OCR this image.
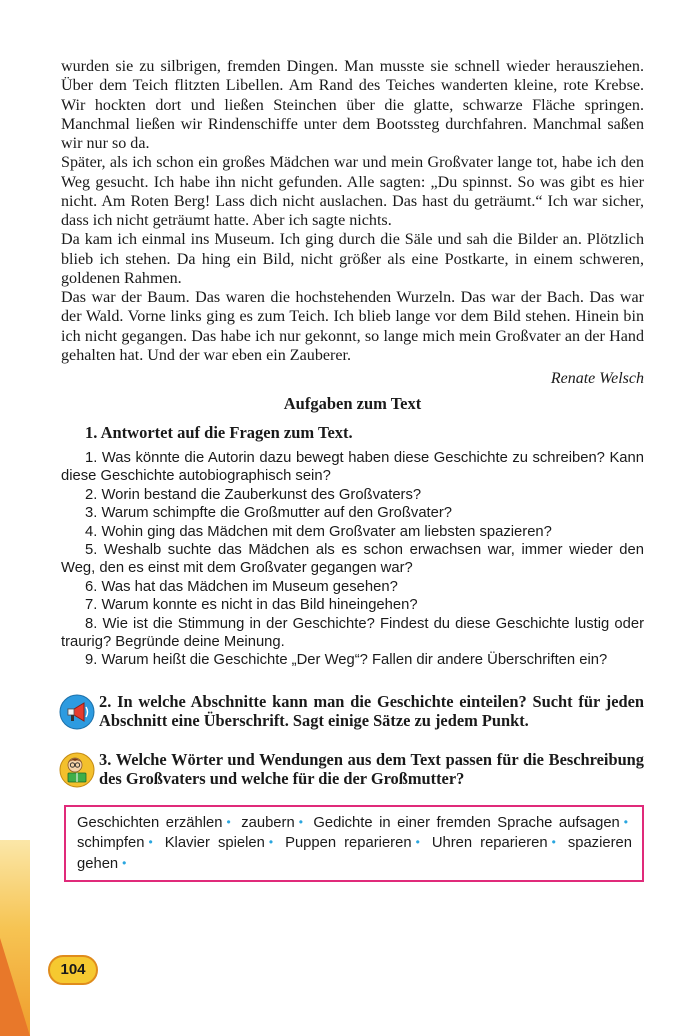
wurden sie zu silbrigen, fremden Dingen. Man musste sie schnell wieder herausziehen. Über dem Teich flitzten Libellen. Am Rand des Teiches wanderten kleine, rote Krebse. Wir hockten dort und ließen Steinchen über die glatte, schwarze Fläche springen. Manchmal ließen wir Rindenschiffe unter dem Bootssteg durchfahren. Manchmal saßen wir nur so da.

Später, als ich schon ein großes Mädchen war und mein Großvater lange tot, habe ich den Weg gesucht. Ich habe ihn nicht gefunden. Alle sagten: „Du spinnst. So was gibt es hier nicht. Am Roten Berg! Lass dich nicht auslachen. Das hast du geträumt.“ Ich war sicher, dass ich nicht geträumt hatte. Aber ich sagte nichts.

Da kam ich einmal ins Museum. Ich ging durch die Säle und sah die Bilder an. Plötzlich blieb ich stehen. Da hing ein Bild, nicht größer als eine Postkarte, in einem schweren, goldenen Rahmen.

Das war der Baum. Das waren die hochstehenden Wurzeln. Das war der Bach. Das war der Wald. Vorne links ging es zum Teich. Ich blieb lange vor dem Bild stehen. Hinein bin ich nicht gegangen. Das habe ich nur gekonnt, so lange mich mein Großvater an der Hand gehalten hat. Und der war eben ein Zauberer.

Renate Welsch
Aufgaben zum Text
1. Antwortet auf die Fragen zum Text.
1. Was könnte die Autorin dazu bewegt haben diese Geschichte zu schreiben? Kann diese Geschichte autobiographisch sein?
2. Worin bestand die Zauberkunst des Großvaters?
3. Warum schimpfte die Großmutter auf den Großvater?
4. Wohin ging das Mädchen mit dem Großvater am liebsten spazieren?
5. Weshalb suchte das Mädchen als es schon erwachsen war, immer wieder den Weg, den es einst mit dem Großvater gegangen war?
6. Was hat das Mädchen im Museum gesehen?
7. Warum konnte es nicht in das Bild hineingehen?
8. Wie ist die Stimmung in der Geschichte? Findest du diese Geschichte lustig oder traurig? Begründe deine Meinung.
9. Warum heißt die Geschichte „Der Weg“? Fallen dir andere Überschriften ein?
2. In welche Abschnitte kann man die Geschichte einteilen? Sucht für jeden Abschnitt eine Überschrift. Sagt einige Sätze zu jedem Punkt.
3. Welche Wörter und Wendungen aus dem Text passen für die Beschreibung des Großvaters und welche für die der Großmutter?
Geschichten erzählen • zaubern • Gedichte in einer fremden Sprache aufsagen • schimpfen • Klavier spielen • Puppen reparieren • Uhren reparieren • spazieren gehen •
104
